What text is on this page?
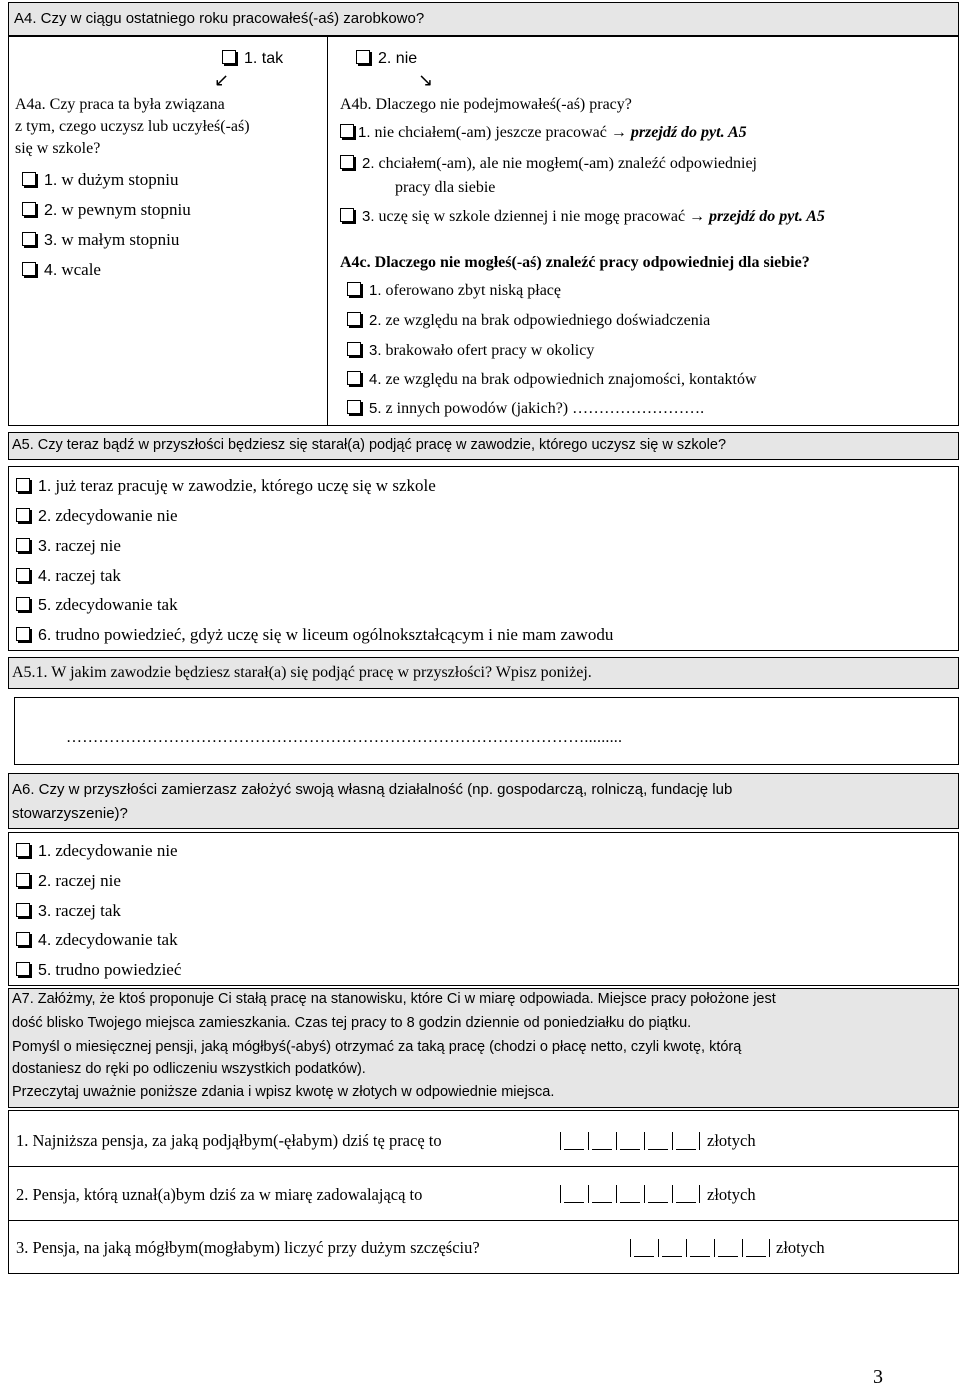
A4. Czy w ciągu ostatniego roku pracowałeś(-aś) zarobkowo?
1. tak	2. nie
↙	↘
A4a. Czy praca ta była związana
z tym, czego uczysz lub uczyłeś(-aś)
się w szkole?
1. w dużym stopniu
2. w pewnym stopniu
3. w małym stopniu
4. wcale
A4b. Dlaczego nie podejmowałeś(-aś) pracy?
1. nie chciałem(-am) jeszcze pracować → przejdź do pyt. A5
2. chciałem(-am), ale nie mogłem(-am) znaleźć odpowiedniej
pracy dla siebie
3. uczę się w szkole dziennej i nie mogę pracować → przejdź do pyt. A5
A4c. Dlaczego nie mogłeś(-aś) znaleźć pracy odpowiedniej dla siebie?
1. oferowano zbyt niską płacę
2. ze względu na brak odpowiedniego doświadczenia
3. brakowało ofert pracy w okolicy
4. ze względu na brak odpowiednich znajomości, kontaktów
5. z innych powodów (jakich?) …………………….
A5. Czy teraz bądź w przyszłości będziesz się starał(a) podjąć pracę w zawodzie, którego uczysz się w szkole?
1. już teraz pracuję w zawodzie, którego uczę się w szkole
2. zdecydowanie nie
3. raczej nie
4. raczej tak
5. zdecydowanie tak
6. trudno powiedzieć, gdyż uczę się w liceum ogólnokształcącym i nie mam zawodu
A5.1. W jakim zawodzie będziesz starał(a) się podjąć pracę w przyszłości? Wpisz poniżej.
…………………………………………………………………………………….........
A6. Czy w przyszłości zamierzasz założyć swoją własną działalność (np. gospodarczą, rolniczą, fundację lub
stowarzyszenie)?
1. zdecydowanie nie
2. raczej nie
3. raczej tak
4. zdecydowanie tak
5. trudno powiedzieć
A7. Załóżmy, że ktoś proponuje Ci stałą pracę na stanowisku, które Ci w miarę odpowiada. Miejsce pracy położone jest
dość blisko Twojego miejsca zamieszkania. Czas tej pracy to 8 godzin dziennie od poniedziałku do piątku.
Pomyśl o miesięcznej pensji, jaką mógłbyś(-abyś) otrzymać za taką pracę (chodzi o płacę netto, czyli kwotę, którą
dostaniesz do ręki po odliczeniu wszystkich podatków).
Przeczytaj uważnie poniższe zdania i wpisz kwotę w złotych w odpowiednie miejsca.
1. Najniższa pensja, za jaką podjąłbym(-ęłabym) dziś tę pracę to	złotych
2. Pensja, którą uznał(a)bym dziś za w miarę zadowalającą to	złotych
3. Pensja, na jaką mógłbym(mogłabym) liczyć przy dużym szczęściu?	złotych
3
